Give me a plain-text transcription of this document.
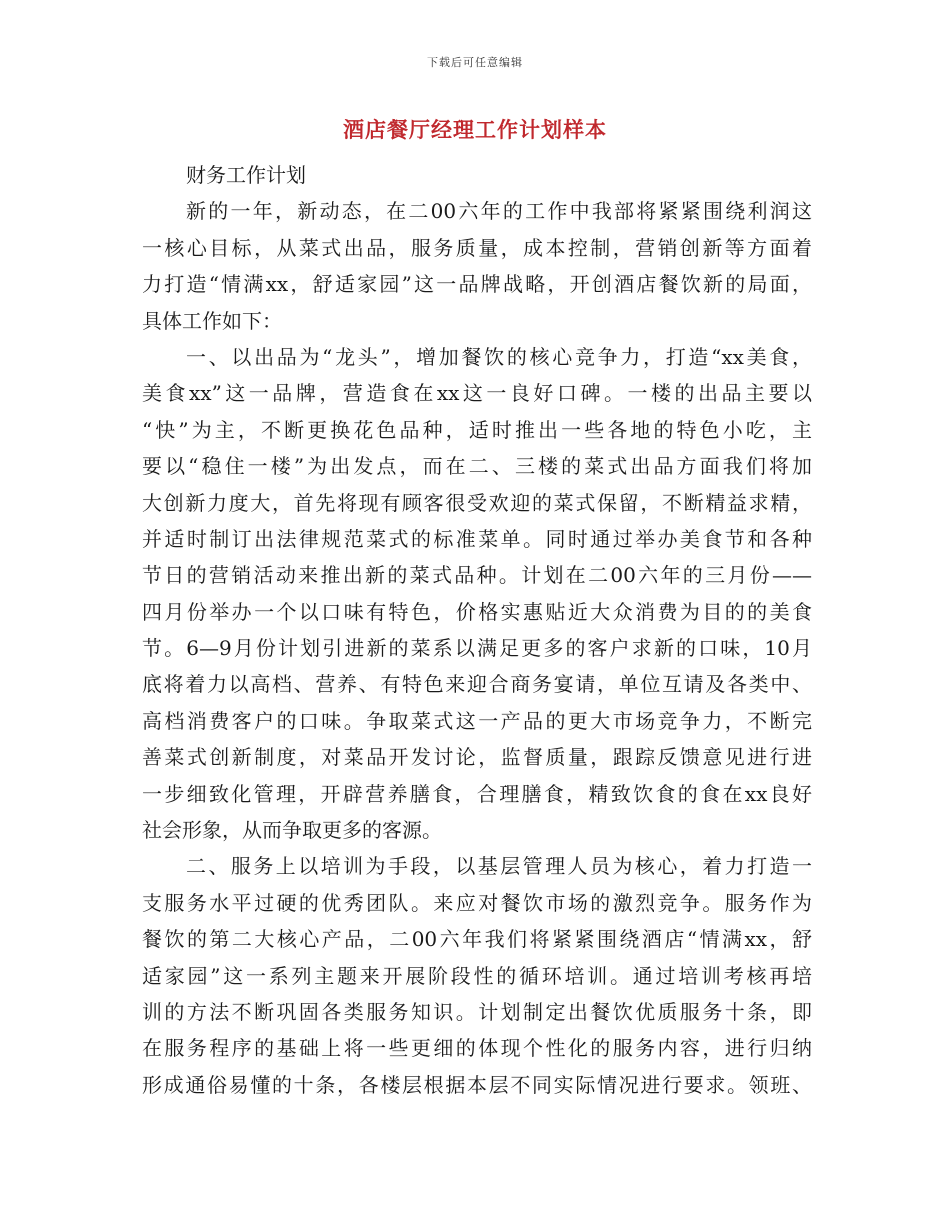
下载后可任意编辑
酒店餐厅经理工作计划样本
财务工作计划
新的一年，新动态，在二00六年的工作中我部将紧紧围绕利润这
一核心目标，从菜式出品，服务质量，成本控制，营销创新等方面着
力打造“情满xx，舒适家园”这一品牌战略，开创酒店餐饮新的局面，
具体工作如下：
一、以出品为“龙头”，增加餐饮的核心竞争力，打造“xx美食，
美食xx”这一品牌，营造食在xx这一良好口碑。一楼的出品主要以
“快”为主，不断更换花色品种，适时推出一些各地的特色小吃，主
要以“稳住一楼”为出发点，而在二、三楼的菜式出品方面我们将加
大创新力度大，首先将现有顾客很受欢迎的菜式保留，不断精益求精，
并适时制订出法律规范菜式的标准菜单。同时通过举办美食节和各种
节日的营销活动来推出新的菜式品种。计划在二00六年的三月份——
四月份举办一个以口味有特色，价格实惠贴近大众消费为目的的美食
节。6—9月份计划引进新的菜系以满足更多的客户求新的口味，10月
底将着力以高档、营养、有特色来迎合商务宴请，单位互请及各类中、
高档消费客户的口味。争取菜式这一产品的更大市场竞争力，不断完
善菜式创新制度，对菜品开发讨论，监督质量，跟踪反馈意见进行进
一步细致化管理，开辟营养膳食，合理膳食，精致饮食的食在xx良好
社会形象，从而争取更多的客源。
二、服务上以培训为手段，以基层管理人员为核心，着力打造一
支服务水平过硬的优秀团队。来应对餐饮市场的激烈竞争。服务作为
餐饮的第二大核心产品，二00六年我们将紧紧围绕酒店“情满xx，舒
适家园”这一系列主题来开展阶段性的循环培训。通过培训考核再培
训的方法不断巩固各类服务知识。计划制定出餐饮优质服务十条，即
在服务程序的基础上将一些更细的体现个性化的服务内容，进行归纳
形成通俗易懂的十条，各楼层根据本层不同实际情况进行要求。领班、
